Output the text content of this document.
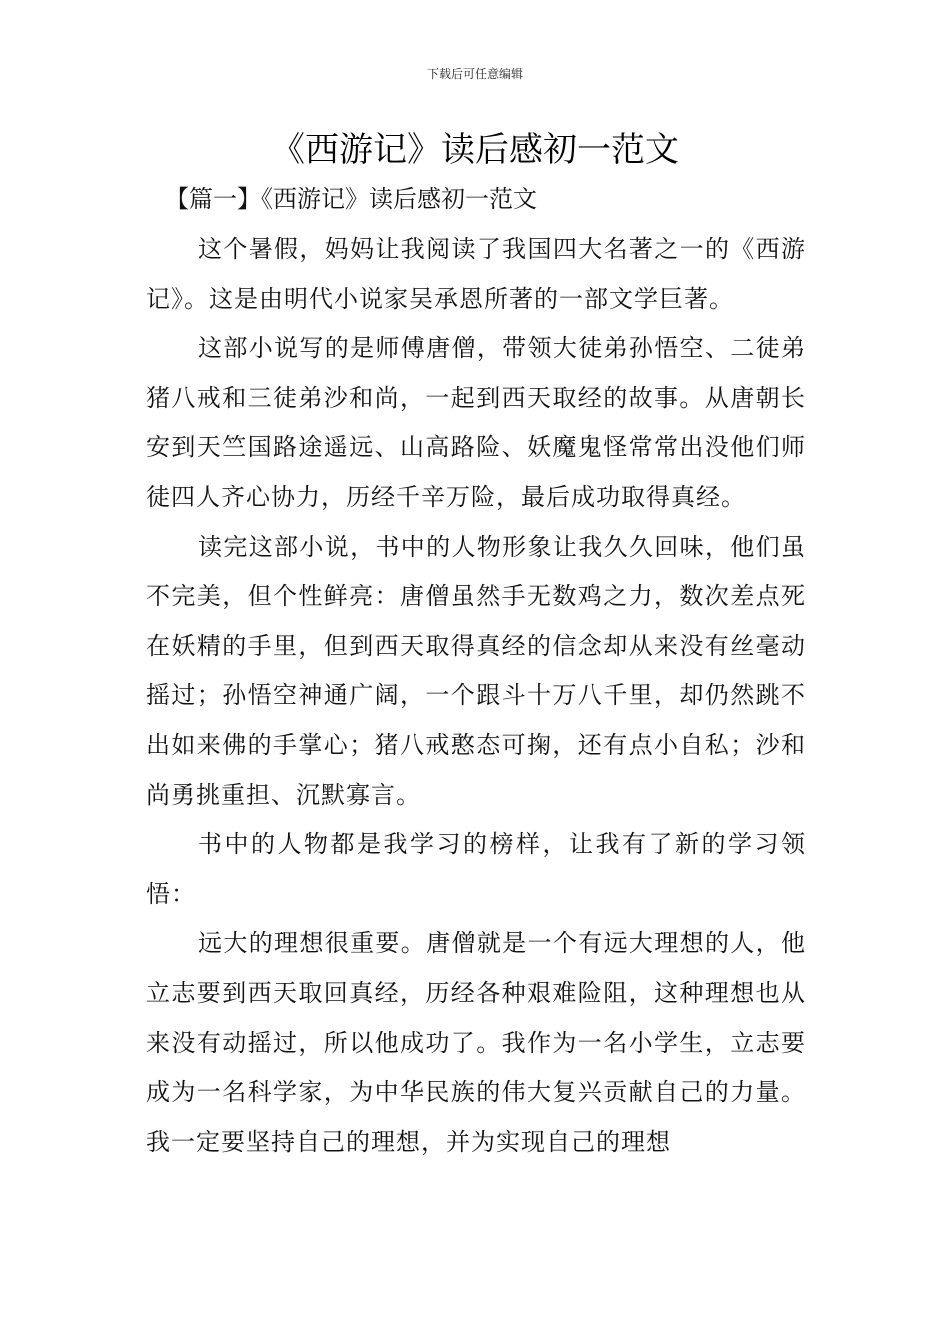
下载后可任意编辑
《西游记》读后感初一范文
【篇一】《西游记》读后感初一范文

这个暑假，妈妈让我阅读了我国四大名著之一的《西游记》。这是由明代小说家吴承恩所著的一部文学巨著。

这部小说写的是师傅唐僧，带领大徒弟孙悟空、二徒弟猪八戒和三徒弟沙和尚，一起到西天取经的故事。从唐朝长安到天竺国路途遥远、山高路险、妖魔鬼怪常常出没他们师徒四人齐心协力，历经千辛万险，最后成功取得真经。

读完这部小说，书中的人物形象让我久久回味，他们虽不完美，但个性鲜亮：唐僧虽然手无数鸡之力，数次差点死在妖精的手里，但到西天取得真经的信念却从来没有丝毫动摇过；孙悟空神通广阔，一个跟斗十万八千里，却仍然跳不出如来佛的手掌心；猪八戒憨态可掬，还有点小自私；沙和尚勇挑重担、沉默寡言。

书中的人物都是我学习的榜样，让我有了新的学习领悟：

远大的理想很重要。唐僧就是一个有远大理想的人，他立志要到西天取回真经，历经各种艰难险阻，这种理想也从来没有动摇过，所以他成功了。我作为一名小学生，立志要成为一名科学家，为中华民族的伟大复兴贡献自己的力量。我一定要坚持自己的理想，并为实现自己的理想
